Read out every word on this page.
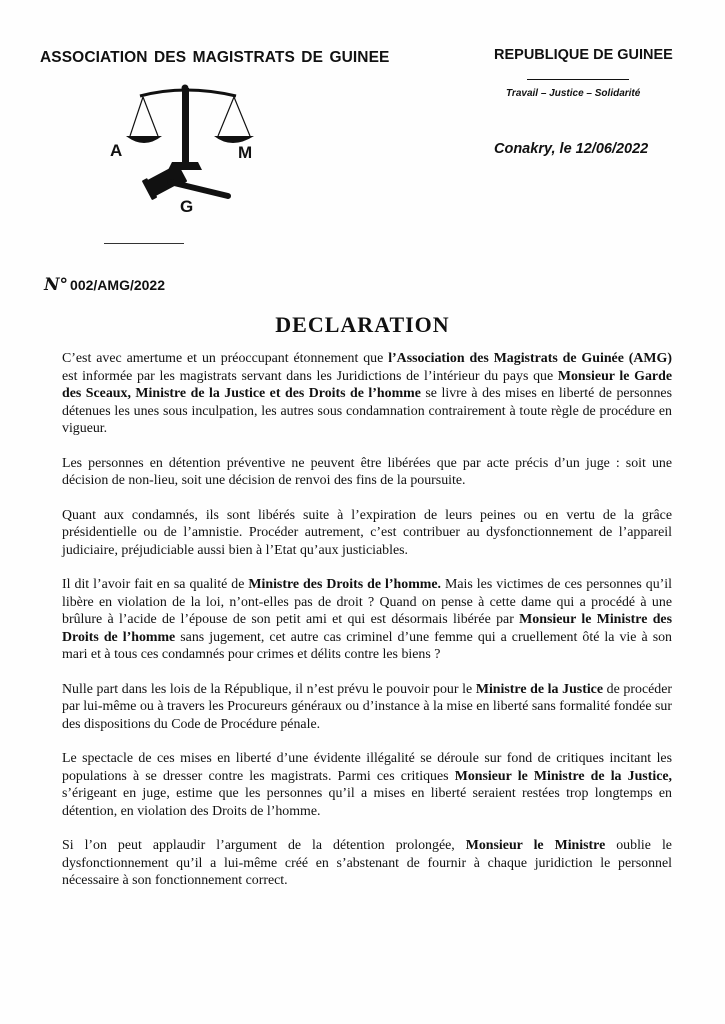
ASSOCIATION DES MAGISTRATS DE GUINEE	REPUBLIQUE DE GUINEE
Travail – Justice – Solidarité
Conakry, le 12/06/2022
A	M
G
N° 002/AMG/2022
DECLARATION

C’est avec amertume et un préoccupant étonnement que l’Association des Magistrats de Guinée (AMG) est informée par les magistrats servant dans les Juridictions de l’intérieur du pays que Monsieur le Garde des Sceaux, Ministre de la Justice et des Droits de l’homme se livre à des mises en liberté de personnes détenues les unes sous inculpation, les autres sous condamnation contrairement à toute règle de procédure en vigueur.

Les personnes en détention préventive ne peuvent être libérées que par acte précis d’un juge : soit une décision de non-lieu, soit une décision de renvoi des fins de la poursuite.

Quant aux condamnés, ils sont libérés suite à l’expiration de leurs peines ou en vertu de la grâce présidentielle ou de l’amnistie. Procéder autrement, c’est contribuer au dysfonctionnement de l’appareil judiciaire, préjudiciable aussi bien à l’Etat qu’aux justiciables.

Il dit l’avoir fait en sa qualité de Ministre des Droits de l’homme. Mais les victimes de ces personnes qu’il libère en violation de la loi, n’ont-elles pas de droit ? Quand on pense à cette dame qui a procédé à une brûlure à l’acide de l’épouse de son petit ami et qui est désormais libérée par Monsieur le Ministre des Droits de l’homme sans jugement, cet autre cas criminel d’une femme qui a cruellement ôté la vie à son mari et à tous ces condamnés pour crimes et délits contre les biens ?

Nulle part dans les lois de la République, il n’est prévu le pouvoir pour le Ministre de la Justice de procéder par lui-même ou à travers les Procureurs généraux ou d’instance à la mise en liberté sans formalité fondée sur des dispositions du Code de Procédure pénale.

Le spectacle de ces mises en liberté d’une évidente illégalité se déroule sur fond de critiques incitant les populations à se dresser contre les magistrats. Parmi ces critiques Monsieur le Ministre de la Justice, s’érigeant en juge, estime que les personnes qu’il a mises en liberté seraient restées trop longtemps en détention, en violation des Droits de l’homme.

Si l’on peut applaudir l’argument de la détention prolongée, Monsieur le Ministre oublie le dysfonctionnement qu’il a lui-même créé en s’abstenant de fournir à chaque juridiction le personnel nécessaire à son fonctionnement correct.
